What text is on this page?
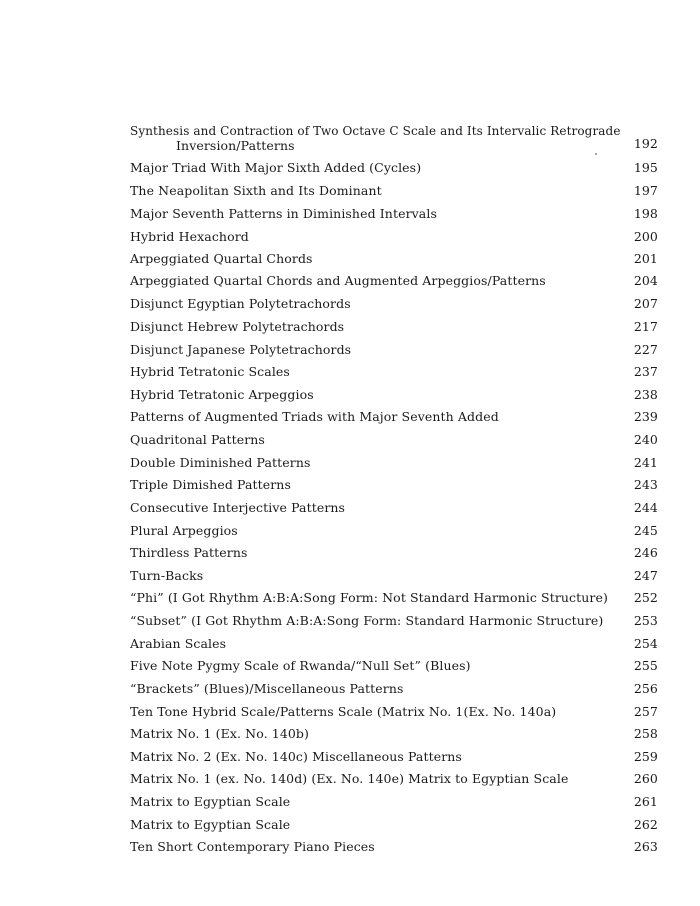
Synthesis and Contraction of Two Octave C Scale and Its Intervalic Retrograde
Inversion/Patterns	192
Major Triad With Major Sixth Added (Cycles)	195
The Neapolitan Sixth and Its Dominant	197
Major Seventh Patterns in Diminished Intervals	198
Hybrid Hexachord	200
Arpeggiated Quartal Chords	201
Arpeggiated Quartal Chords and Augmented Arpeggios/Patterns	204
Disjunct Egyptian Polytetrachords	207
Disjunct Hebrew Polytetrachords	217
Disjunct Japanese Polytetrachords	227
Hybrid Tetratonic Scales	237
Hybrid Tetratonic Arpeggios	238
Patterns of Augmented Triads with Major Seventh Added	239
Quadritonal Patterns	240
Double Diminished Patterns	241
Triple Dimished Patterns	243
Consecutive Interjective Patterns	244
Plural Arpeggios	245
Thirdless Patterns	246
Turn-Backs	247
“Phi” (I Got Rhythm A:B:A:Song Form: Not Standard Harmonic Structure) 252
“Subset” (I Got Rhythm A:B:A:Song Form: Standard Harmonic Structure) 253
Arabian Scales	254
Five Note Pygmy Scale of Rwanda/“Null Set” (Blues)	255
“Brackets” (Blues)/Miscellaneous Patterns	256
Ten Tone Hybrid Scale/Patterns Scale (Matrix No. 1(Ex. No. 140a)	257
Matrix No. 1 (Ex. No. 140b)	258
Matrix No. 2 (Ex. No. 140c) Miscellaneous Patterns	259
Matrix No. 1 (ex. No. 140d) (Ex. No. 140e) Matrix to Egyptian Scale	260
Matrix to Egyptian Scale	261
Matrix to Egyptian Scale	262
Ten Short Contemporary Piano Pieces	263
